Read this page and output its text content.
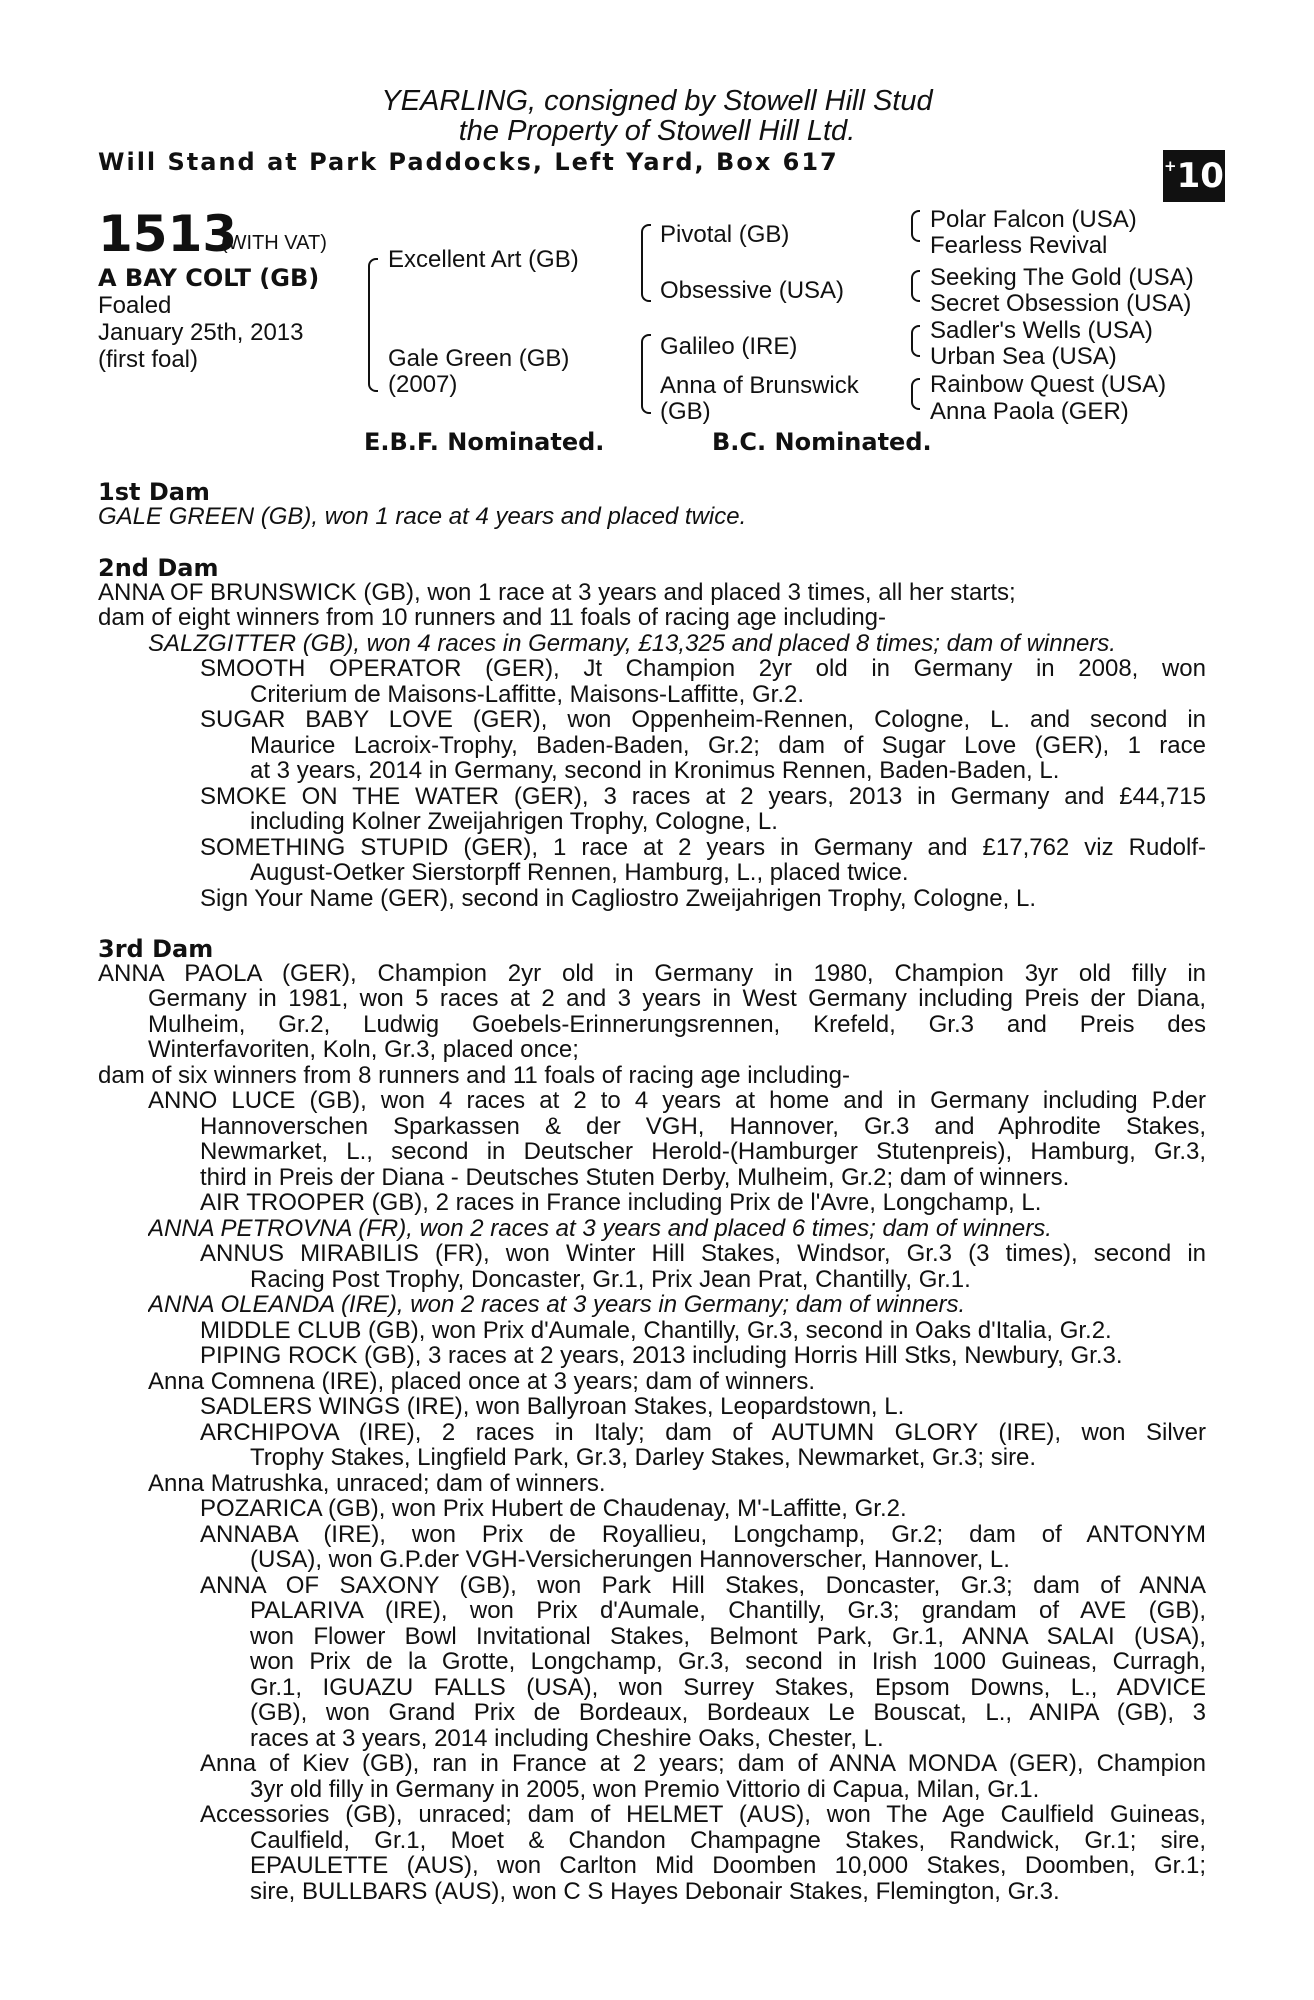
YEARLING, consigned by Stowell Hill Stud
the Property of Stowell Hill Ltd.
Will Stand at Park Paddocks, Left Yard, Box 617	+10
1513
(WITH VAT)
A BAY COLT (GB)
Foaled
January 25th, 2013
(first foal)
Excellent Art (GB)
Gale Green (GB)
(2007)
Pivotal (GB)
Obsessive (USA)
Galileo (IRE)
Anna of Brunswick
(GB)
Polar Falcon (USA)
Fearless Revival
Seeking The Gold (USA)
Secret Obsession (USA)
Sadler's Wells (USA)
Urban Sea (USA)
Rainbow Quest (USA)
Anna Paola (GER)
E.B.F. Nominated.	B.C. Nominated.
1st Dam
GALE GREEN (GB), won 1 race at 4 years and placed twice.
2nd Dam
ANNA OF BRUNSWICK (GB), won 1 race at 3 years and placed 3 times, all her starts;
dam of eight winners from 10 runners and 11 foals of racing age including-
SALZGITTER (GB), won 4 races in Germany, £13,325 and placed 8 times; dam of winners.
SMOOTH OPERATOR (GER), Jt Champion 2yr old in Germany in 2008, won
Criterium de Maisons-Laffitte, Maisons-Laffitte, Gr.2.
SUGAR BABY LOVE (GER), won Oppenheim-Rennen, Cologne, L. and second in
Maurice Lacroix-Trophy, Baden-Baden, Gr.2; dam of Sugar Love (GER), 1 race
at 3 years, 2014 in Germany, second in Kronimus Rennen, Baden-Baden, L.
SMOKE ON THE WATER (GER), 3 races at 2 years, 2013 in Germany and £44,715
including Kolner Zweijahrigen Trophy, Cologne, L.
SOMETHING STUPID (GER), 1 race at 2 years in Germany and £17,762 viz Rudolf-
August-Oetker Sierstorpff Rennen, Hamburg, L., placed twice.
Sign Your Name (GER), second in Cagliostro Zweijahrigen Trophy, Cologne, L.
3rd Dam
ANNA PAOLA (GER), Champion 2yr old in Germany in 1980, Champion 3yr old filly in
Germany in 1981, won 5 races at 2 and 3 years in West Germany including Preis der Diana,
Mulheim, Gr.2, Ludwig Goebels-Erinnerungsrennen, Krefeld, Gr.3 and Preis des
Winterfavoriten, Koln, Gr.3, placed once;
dam of six winners from 8 runners and 11 foals of racing age including-
ANNO LUCE (GB), won 4 races at 2 to 4 years at home and in Germany including P.der
Hannoverschen Sparkassen & der VGH, Hannover, Gr.3 and Aphrodite Stakes,
Newmarket, L., second in Deutscher Herold-(Hamburger Stutenpreis), Hamburg, Gr.3,
third in Preis der Diana - Deutsches Stuten Derby, Mulheim, Gr.2; dam of winners.
AIR TROOPER (GB), 2 races in France including Prix de l'Avre, Longchamp, L.
ANNA PETROVNA (FR), won 2 races at 3 years and placed 6 times; dam of winners.
ANNUS MIRABILIS (FR), won Winter Hill Stakes, Windsor, Gr.3 (3 times), second in
Racing Post Trophy, Doncaster, Gr.1, Prix Jean Prat, Chantilly, Gr.1.
ANNA OLEANDA (IRE), won 2 races at 3 years in Germany; dam of winners.
MIDDLE CLUB (GB), won Prix d'Aumale, Chantilly, Gr.3, second in Oaks d'Italia, Gr.2.
PIPING ROCK (GB), 3 races at 2 years, 2013 including Horris Hill Stks, Newbury, Gr.3.
Anna Comnena (IRE), placed once at 3 years; dam of winners.
SADLERS WINGS (IRE), won Ballyroan Stakes, Leopardstown, L.
ARCHIPOVA (IRE), 2 races in Italy; dam of AUTUMN GLORY (IRE), won Silver
Trophy Stakes, Lingfield Park, Gr.3, Darley Stakes, Newmarket, Gr.3; sire.
Anna Matrushka, unraced; dam of winners.
POZARICA (GB), won Prix Hubert de Chaudenay, M'-Laffitte, Gr.2.
ANNABA (IRE), won Prix de Royallieu, Longchamp, Gr.2; dam of ANTONYM
(USA), won G.P.der VGH-Versicherungen Hannoverscher, Hannover, L.
ANNA OF SAXONY (GB), won Park Hill Stakes, Doncaster, Gr.3; dam of ANNA
PALARIVA (IRE), won Prix d'Aumale, Chantilly, Gr.3; grandam of AVE (GB),
won Flower Bowl Invitational Stakes, Belmont Park, Gr.1, ANNA SALAI (USA),
won Prix de la Grotte, Longchamp, Gr.3, second in Irish 1000 Guineas, Curragh,
Gr.1, IGUAZU FALLS (USA), won Surrey Stakes, Epsom Downs, L., ADVICE
(GB), won Grand Prix de Bordeaux, Bordeaux Le Bouscat, L., ANIPA (GB), 3
races at 3 years, 2014 including Cheshire Oaks, Chester, L.
Anna of Kiev (GB), ran in France at 2 years; dam of ANNA MONDA (GER), Champion
3yr old filly in Germany in 2005, won Premio Vittorio di Capua, Milan, Gr.1.
Accessories (GB), unraced; dam of HELMET (AUS), won The Age Caulfield Guineas,
Caulfield, Gr.1, Moet & Chandon Champagne Stakes, Randwick, Gr.1; sire,
EPAULETTE (AUS), won Carlton Mid Doomben 10,000 Stakes, Doomben, Gr.1;
sire, BULLBARS (AUS), won C S Hayes Debonair Stakes, Flemington, Gr.3.
